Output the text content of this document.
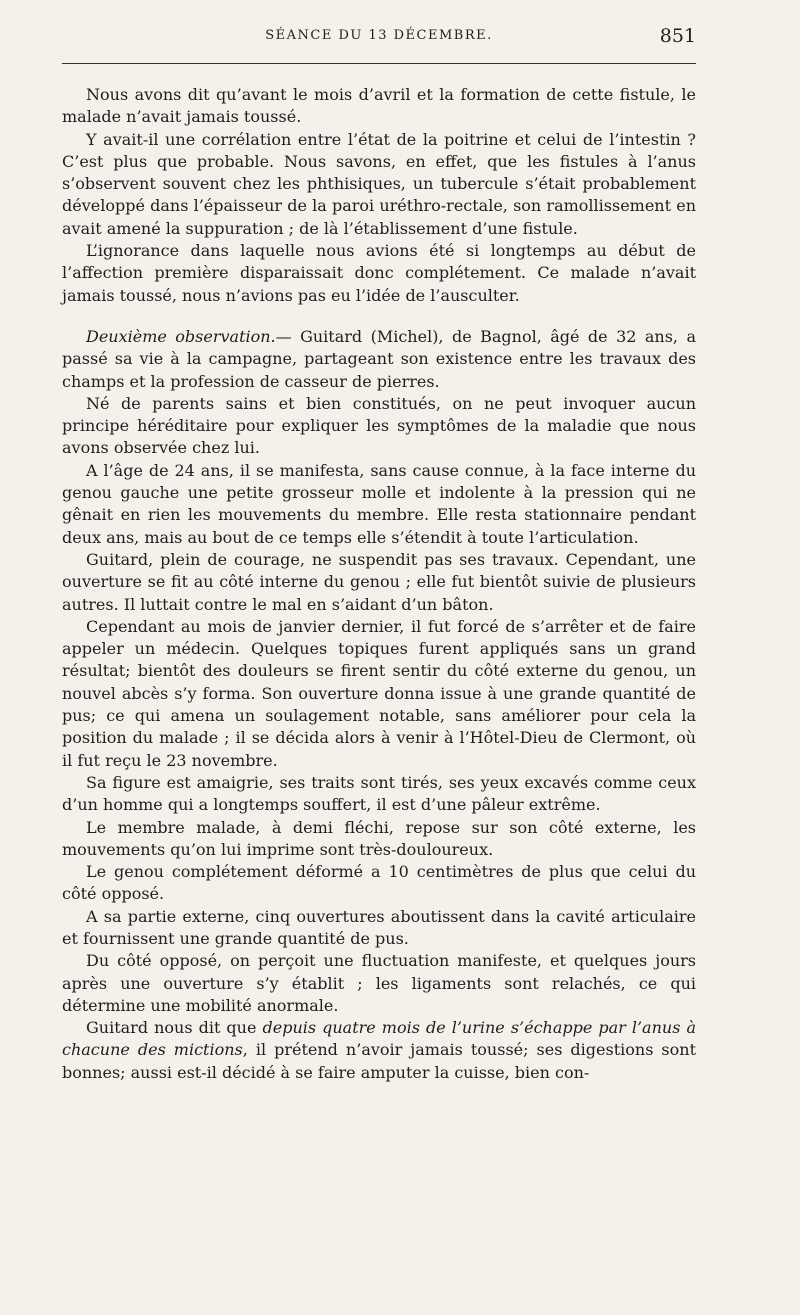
SÉANCE DU 13 DÉCEMBRE.	851

Nous avons dit qu’avant le mois d’avril et la formation de cette fistule, le malade n’avait jamais toussé.

Y avait-il une corrélation entre l’état de la poitrine et celui de l’intestin ? C’est plus que probable. Nous savons, en effet, que les fistules à l’anus s’observent souvent chez les phthisiques, un tubercule s’était probablement développé dans l’épaisseur de la paroi uréthro-rectale, son ramollissement en avait amené la suppuration ; de là l’établissement d’une fistule.

L’ignorance dans laquelle nous avions été si longtemps au début de l’affection première disparaissait donc complétement. Ce malade n’avait jamais toussé, nous n’avions pas eu l’idée de l’ausculter.

Deuxième observation.— Guitard (Michel), de Bagnol, âgé de 32 ans, a passé sa vie à la campagne, partageant son existence entre les travaux des champs et la profession de casseur de pierres.

Né de parents sains et bien constitués, on ne peut invoquer aucun principe héréditaire pour expliquer les symptômes de la maladie que nous avons observée chez lui.

A l’âge de 24 ans, il se manifesta, sans cause connue, à la face interne du genou gauche une petite grosseur molle et indolente à la pression qui ne gênait en rien les mouvements du membre. Elle resta stationnaire pendant deux ans, mais au bout de ce temps elle s’étendit à toute l’articulation.

Guitard, plein de courage, ne suspendit pas ses travaux. Cependant, une ouverture se fit au côté interne du genou ; elle fut bientôt suivie de plusieurs autres. Il luttait contre le mal en s’aidant d’un bâton.

Cependant au mois de janvier dernier, il fut forcé de s’arrêter et de faire appeler un médecin. Quelques topiques furent appliqués sans un grand résultat; bientôt des douleurs se firent sentir du côté externe du genou, un nouvel abcès s’y forma. Son ouverture donna issue à une grande quantité de pus; ce qui amena un soulagement notable, sans améliorer pour cela la position du malade ; il se décida alors à venir à l’Hôtel-Dieu de Clermont, où il fut reçu le 23 novembre.

Sa figure est amaigrie, ses traits sont tirés, ses yeux excavés comme ceux d’un homme qui a longtemps souffert, il est d’une pâleur extrême.

Le membre malade, à demi fléchi, repose sur son côté externe, les mouvements qu’on lui imprime sont très-douloureux.

Le genou complétement déformé a 10 centimètres de plus que celui du côté opposé.

A sa partie externe, cinq ouvertures aboutissent dans la cavité articulaire et fournissent une grande quantité de pus.

Du côté opposé, on perçoit une fluctuation manifeste, et quelques jours après une ouverture s’y établit ; les ligaments sont relachés, ce qui détermine une mobilité anormale.

Guitard nous dit que depuis quatre mois de l’urine s’échappe par l’anus à chacune des mictions, il prétend n’avoir jamais toussé; ses digestions sont bonnes; aussi est-il décidé à se faire amputer la cuisse, bien con-
